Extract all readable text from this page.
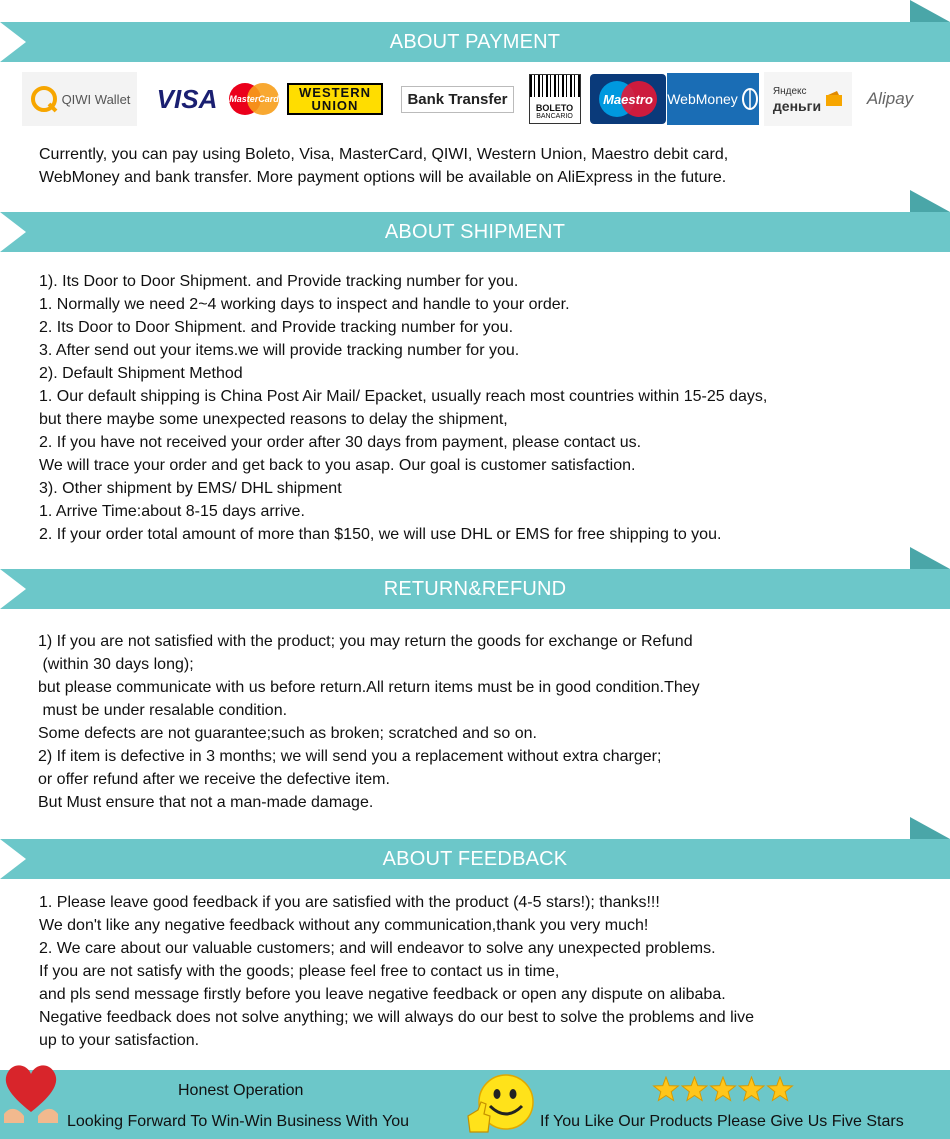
ABOUT PAYMENT
QIWI Wallet VISA MasterCard WESTERN
UNION	Bank Transfer
BOLETO
BANCARIO
Maestro WebMoney	Яндекс
деньги	Alipay
Currently, you can pay using Boleto, Visa, MasterCard, QIWI, Western Union, Maestro debit card,
WebMoney and bank transfer. More payment options will be available on AliExpress in the future.
ABOUT SHIPMENT
1). Its Door to Door Shipment. and Provide tracking number for you.
1. Normally we need 2~4 working days to inspect and handle to your order.
2. Its Door to Door Shipment. and Provide tracking number for you.
3. After send out your items.we will provide tracking number for you.
2). Default Shipment Method
1. Our default shipping is China Post Air Mail/ Epacket, usually reach most countries within 15-25 days,
but there maybe some unexpected reasons to delay the shipment,
2. If you have not received your order after 30 days from payment, please contact us.
We will trace your order and get back to you asap. Our goal is customer satisfaction.
3). Other shipment by EMS/ DHL shipment
1. Arrive Time:about 8-15 days arrive.
2. If your order total amount of more than $150, we will use DHL or EMS for free shipping to you.
RETURN&REFUND
1) If you are not satisfied with the product; you may return the goods for exchange or Refund
(within 30 days long);
but please communicate with us before return.All return items must be in good condition.They
must be under resalable condition.
Some defects are not guarantee;such as broken; scratched and so on.
2) If item is defective in 3 months; we will send you a replacement without extra charger;
or offer refund after we receive the defective item.
But Must ensure that not a man-made damage.
ABOUT FEEDBACK
1. Please leave good feedback if you are satisfied with the product (4-5 stars!); thanks!!!
We don't like any negative feedback without any communication,thank you very much!
2. We care about our valuable customers; and will endeavor to solve any unexpected problems.
If you are not satisfy with the goods; please feel free to contact us in time,
and pls send message firstly before you leave negative feedback or open any dispute on alibaba.
Negative feedback does not solve anything; we will always do our best to solve the problems and live
up to your satisfaction.
Honest Operation
Looking Forward To Win-Win Business With You	If You Like Our Products Please Give Us Five Stars
